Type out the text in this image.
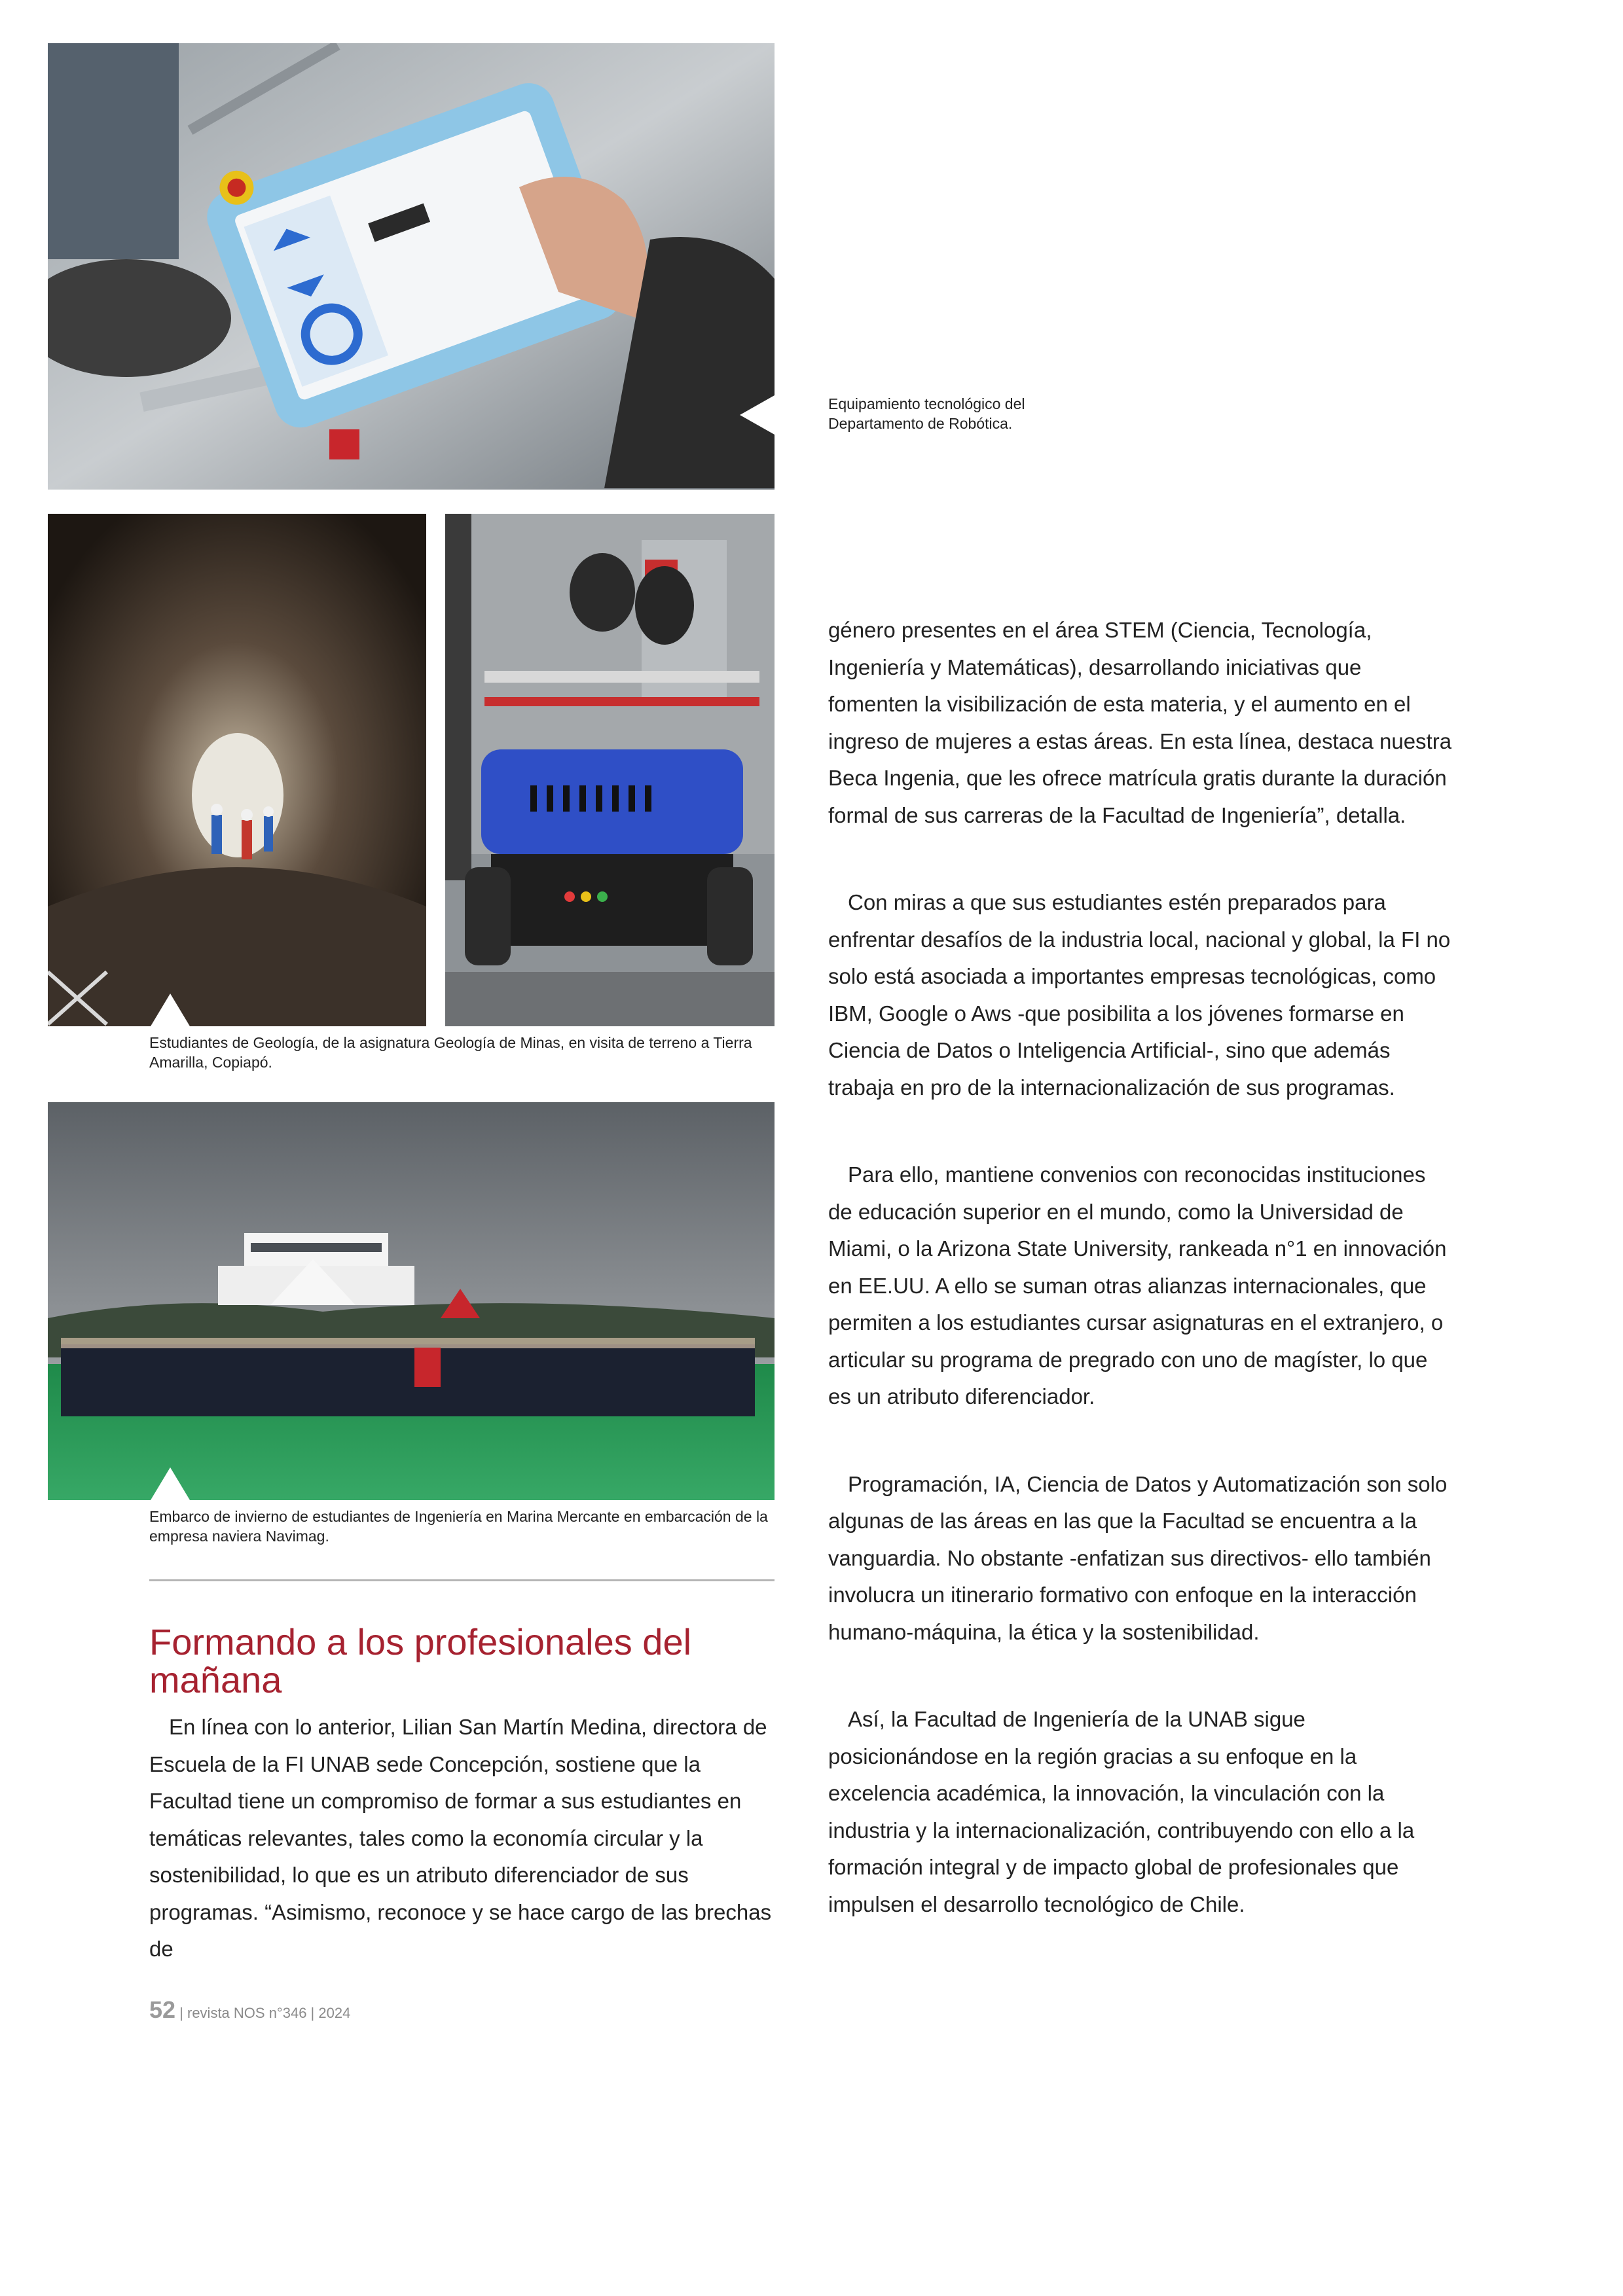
Equipamiento tecnológico del Departamento de Robótica.
Estudiantes de Geología, de la asignatura Geología de Minas, en visita de terreno a Tierra Amarilla, Copiapó.
Embarco de invierno de estudiantes de Ingeniería en Marina Mercante en embarcación de la empresa naviera Navimag.
Formando a los profesionales del mañana

En línea con lo anterior, Lilian San Martín Medina, directora de Escuela de la FI UNAB sede Concepción, sostiene que la Facultad tiene un compromiso de formar a sus estudiantes en temáticas relevantes, tales como la economía circular y la sostenibilidad, lo que es un atributo diferenciador de sus programas. “Asimismo, reconoce y se hace cargo de las brechas de

género presentes en el área STEM (Ciencia, Tecnología, Ingeniería y Matemáticas), desarrollando iniciativas que fomenten la visibilización de esta materia, y el aumento en el ingreso de mujeres a estas áreas. En esta línea, destaca nuestra Beca Ingenia, que les ofrece matrícula gratis durante la duración formal de sus carreras de la Facultad de Ingeniería”, detalla.

Con miras a que sus estudiantes estén preparados para enfrentar desafíos de la industria local, nacional y global, la FI no solo está asociada a importantes empresas tecnológicas, como IBM, Google o Aws -que posibilita a los jóvenes formarse en Ciencia de Datos o Inteligencia Artificial-, sino que además trabaja en pro de la internacionalización de sus programas.

Para ello, mantiene convenios con reconocidas instituciones de educación superior en el mundo, como la Universidad de Miami, o la Arizona State University, rankeada n°1 en innovación en EE.UU. A ello se suman otras alianzas internacionales, que permiten a los estudiantes cursar asignaturas en el extranjero, o articular su programa de pregrado con uno de magíster, lo que es un atributo diferenciador.

Programación, IA, Ciencia de Datos y Automatización son solo algunas de las áreas en las que la Facultad se encuentra a la vanguardia. No obstante -enfatizan sus directivos- ello también involucra un itinerario formativo con enfoque en la interacción humano-máquina, la ética y la sostenibilidad.

Así, la Facultad de Ingeniería de la UNAB sigue posicionándose en la región gracias a su enfoque en la excelencia académica, la innovación, la vinculación con la industria y la internacionalización, contribuyendo con ello a la formación integral y de impacto global de profesionales que impulsen el desarrollo tecnológico de Chile.

52 | revista NOS n°346 | 2024
